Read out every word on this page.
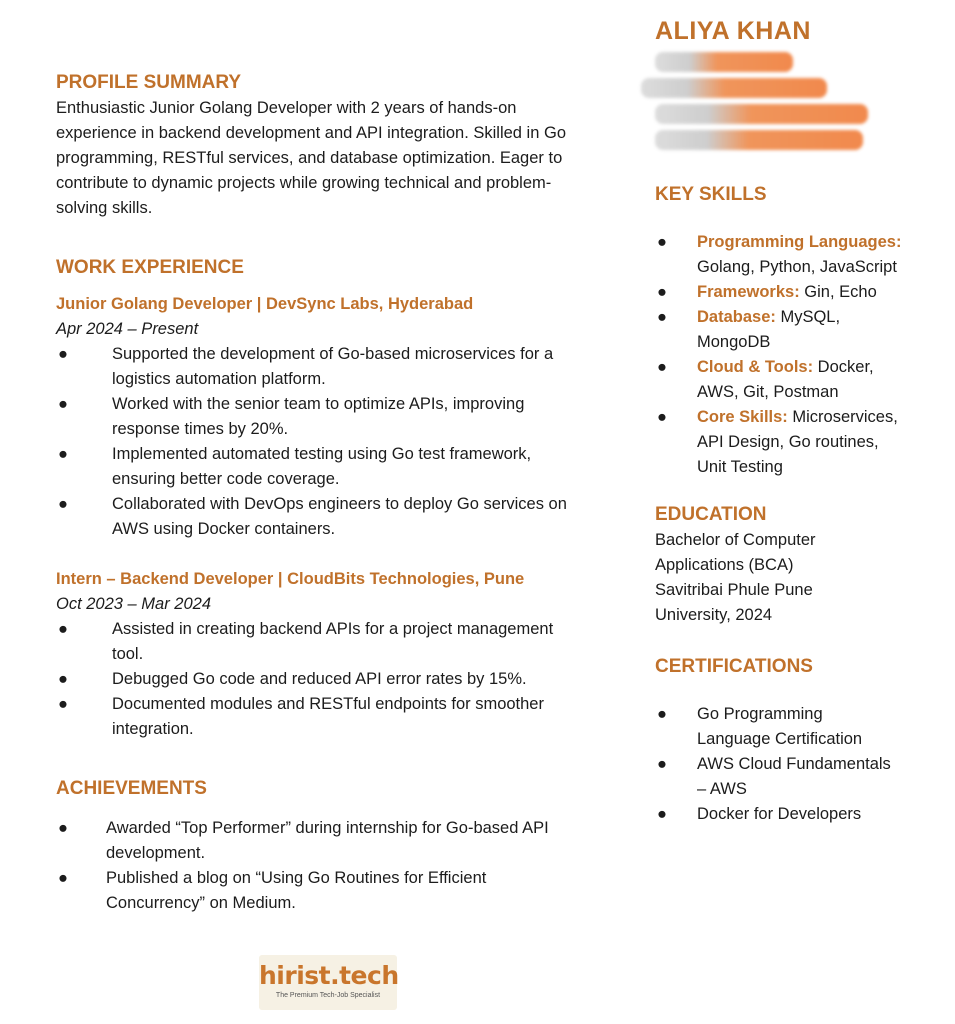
PROFILE SUMMARY

Enthusiastic Junior Golang Developer with 2 years of hands-on

experience in backend development and API integration. Skilled in Go

programming, RESTful services, and database optimization. Eager to

contribute to dynamic projects while growing technical and problem-

solving skills.

WORK EXPERIENCE

Junior Golang Developer | DevSync Labs, Hyderabad

Apr 2024 – Present

●	Supported the development of Go-based microservices for a
logistics automation platform.
●	Worked with the senior team to optimize APIs, improving
response times by 20%.
●	Implemented automated testing using Go test framework,
ensuring better code coverage.
●	Collaborated with DevOps engineers to deploy Go services on
AWS using Docker containers.

Intern – Backend Developer | CloudBits Technologies, Pune

Oct 2023 – Mar 2024

●	Assisted in creating backend APIs for a project management
tool.
●	Debugged Go code and reduced API error rates by 15%.
●	Documented modules and RESTful endpoints for smoother
integration.
ACHIEVEMENTS
● Awarded “Top Performer” during internship for Go-based API
development.
● Published a blog on “Using Go Routines for Efficient
Concurrency” on Medium.
ALIYA KHAN
KEY SKILLS
● Programming Languages:
Golang, Python, JavaScript
● Frameworks: Gin, Echo
● Database: MySQL,
MongoDB
● Cloud & Tools: Docker,
AWS, Git, Postman
● Core Skills: Microservices,
API Design, Go routines,
Unit Testing
EDUCATION

Bachelor of Computer

Applications (BCA)

Savitribai Phule Pune

University, 2024

CERTIFICATIONS
● Go Programming
Language Certification
● AWS Cloud Fundamentals
– AWS
● Docker for Developers
hirist.tech
The Premium Tech-Job Specialist
